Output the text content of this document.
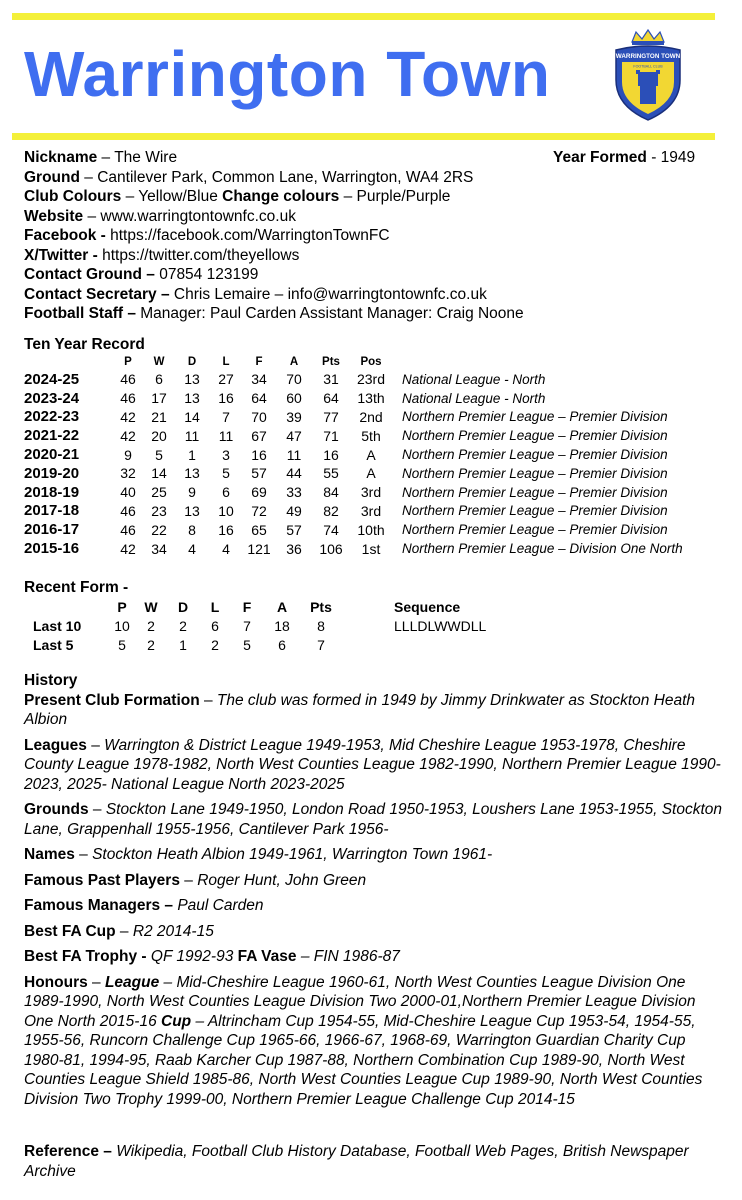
Warrington Town	WARRINGTON TOWN
FOOTBALL CLUB
Nickname – The Wire
Ground – Cantilever Park, Common Lane, Warrington, WA4 2RS
Club Colours – Yellow/Blue Change colours – Purple/Purple
Website – www.warringtontownfc.co.uk
Facebook - https://facebook.com/WarringtonTownFC
X/Twitter - https://twitter.com/theyellows
Contact Ground – 07854 123199
Contact Secretary – Chris Lemaire – info@warringtontownfc.co.uk
Football Staff – Manager: Paul Carden Assistant Manager: Craig Noone
Year Formed - 1949
Ten Year Record
	P	W	D	L	F	A	Pts	Pos	
2024-25	46	6	13	27	34	70	31	23rd	National League - North
2023-24	46	17	13	16	64	60	64	13th	National League - North
2022-23	42	21	14	7	70	39	77	2nd	Northern Premier League – Premier Division
2021-22	42	20	11	11	67	47	71	5th	Northern Premier League – Premier Division
2020-21	9	5	1	3	16	11	16	A	Northern Premier League – Premier Division
2019-20	32	14	13	5	57	44	55	A	Northern Premier League – Premier Division
2018-19	40	25	9	6	69	33	84	3rd	Northern Premier League – Premier Division
2017-18	46	23	13	10	72	49	82	3rd	Northern Premier League – Premier Division
2016-17	46	22	8	16	65	57	74	10th	Northern Premier League – Premier Division
2015-16	42	34	4	4	121	36	106	1st	Northern Premier League – Division One North
Recent Form -
	P	W	D	L	F	A	Pts		Sequence
Last 10	10	2	2	6	7	18	8		LLLDLWWDLL
Last 5	5	2	1	2	5	6	7		

History

Present Club Formation – The club was formed in 1949 by Jimmy Drinkwater as Stockton Heath Albion

Leagues – Warrington & District League 1949-1953, Mid Cheshire League 1953-1978, Cheshire County League 1978-1982, North West Counties League 1982-1990, Northern Premier League 1990-2023, 2025- National League North 2023-2025

Grounds – Stockton Lane 1949-1950, London Road 1950-1953, Loushers Lane 1953-1955, Stockton Lane, Grappenhall 1955-1956, Cantilever Park 1956-

Names – Stockton Heath Albion 1949-1961, Warrington Town 1961-

Famous Past Players – Roger Hunt, John Green

Famous Managers – Paul Carden

Best FA Cup – R2 2014-15

Best FA Trophy - QF 1992-93 FA Vase – FIN 1986-87

Honours – League – Mid-Cheshire League 1960-61, North West Counties League Division One 1989-1990, North West Counties League Division Two 2000-01,Northern Premier League Division One North 2015-16 Cup – Altrincham Cup 1954-55, Mid-Cheshire League Cup 1953-54, 1954-55, 1955-56, Runcorn Challenge Cup 1965-66, 1966-67, 1968-69, Warrington Guardian Charity Cup 1980-81, 1994-95, Raab Karcher Cup 1987-88, Northern Combination Cup 1989-90, North West Counties League Shield 1985-86, North West Counties League Cup 1989-90, North West Counties Division Two Trophy 1999-00, Northern Premier League Challenge Cup 2014-15

Reference – Wikipedia, Football Club History Database, Football Web Pages, British Newspaper Archive
